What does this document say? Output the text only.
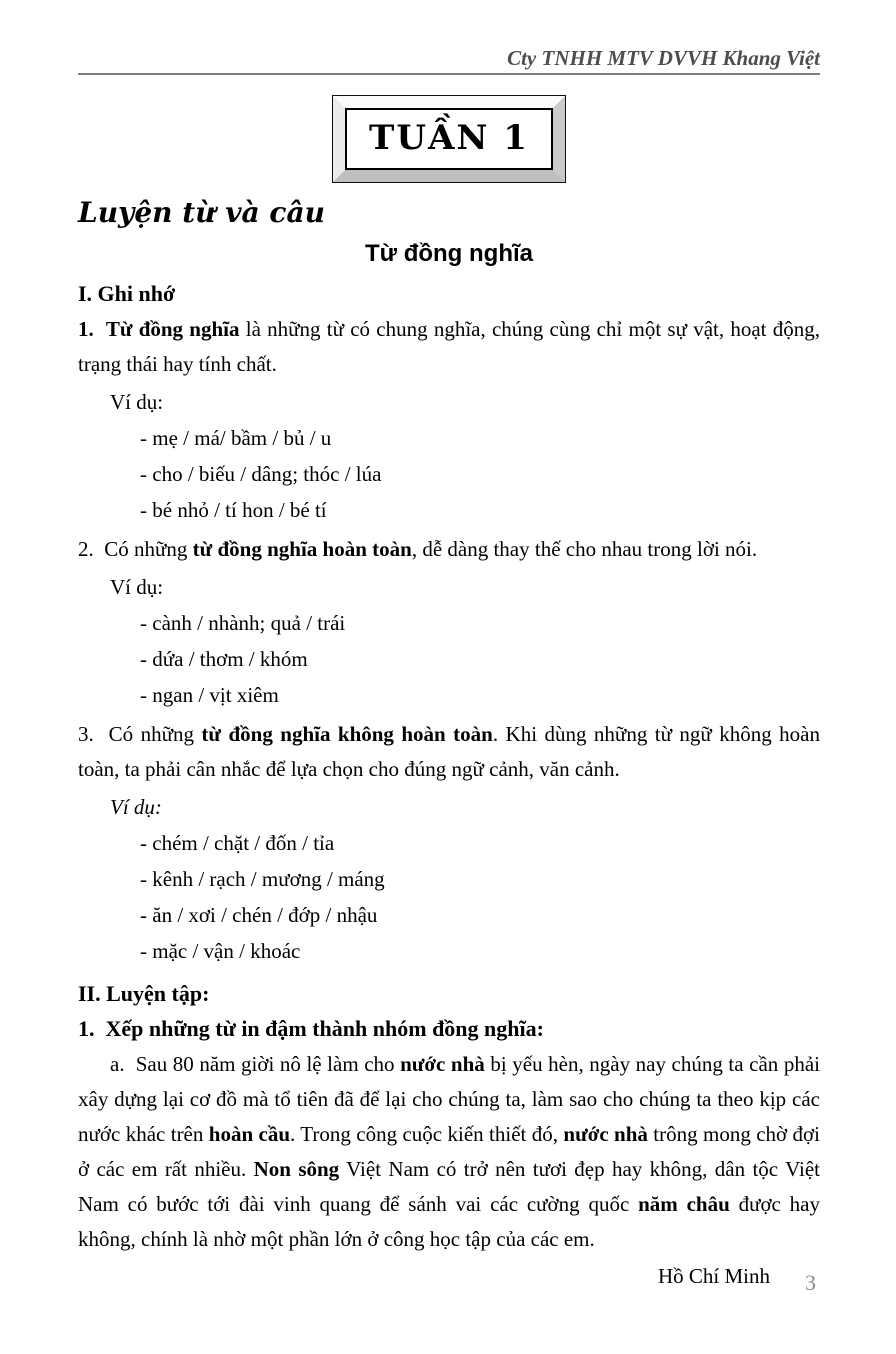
Cty TNHH MTV DVVH Khang Việt
TUẦN 1
Luyện từ và câu
Từ đồng nghĩa
I. Ghi nhớ
1.  Từ đồng nghĩa là những từ có chung nghĩa, chúng cùng chỉ một sự vật, hoạt động, trạng thái hay tính chất.
Ví dụ:
- mẹ / má/ bầm / bủ / u
- cho / biếu / dâng; thóc / lúa
- bé nhỏ / tí hon / bé tí
2.  Có những từ đồng nghĩa hoàn toàn, dễ dàng thay thế cho nhau trong lời nói.
Ví dụ:
- cành / nhành; quả / trái
- dứa / thơm / khóm
- ngan / vịt xiêm
3.  Có những từ đồng nghĩa không hoàn toàn. Khi dùng những từ ngữ không hoàn toàn, ta phải cân nhắc để lựa chọn cho đúng ngữ cảnh, văn cảnh.
Ví dụ:
- chém / chặt / đốn / tỉa
- kênh / rạch / mương / máng
- ăn / xơi / chén / đớp / nhậu
- mặc / vận / khoác
II. Luyện tập:
1.  Xếp những từ in đậm thành nhóm đồng nghĩa:
a.  Sau 80 năm giời nô lệ làm cho nước nhà bị yếu hèn, ngày nay chúng ta cần phải xây dựng lại cơ đồ mà tổ tiên đã để lại cho chúng ta, làm sao cho chúng ta theo kịp các nước khác trên hoàn cầu. Trong công cuộc kiến thiết đó, nước nhà trông mong chờ đợi ở các em rất nhiều. Non sông Việt Nam có trở nên tươi đẹp hay không, dân tộc Việt Nam có bước tới đài vinh quang để sánh vai các cường quốc năm châu được hay không, chính là nhờ một phần lớn ở công học tập của các em.
Hồ Chí Minh	3
